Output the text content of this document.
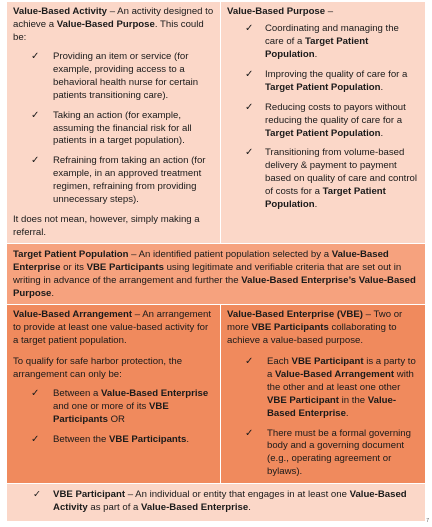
Value-Based Activity – An activity designed to achieve a Value-Based Purpose. This could be:

✓ Providing an item or service (for example, providing access to a behavioral health nurse for certain patients transitioning care).
✓ Taking an action (for example, assuming the financial risk for all patients in a target population).
✓ Refraining from taking an action (for example, in an approved treatment regimen, refraining from providing unnecessary steps).

It does not mean, however, simply making a referral.

Value-Based Purpose –

✓ Coordinating and managing the care of a Target Patient Population.
✓ Improving the quality of care for a Target Patient Population.
✓ Reducing costs to payors without reducing the quality of care for a Target Patient Population.
✓ Transitioning from volume-based delivery & payment to payment based on quality of care and control of costs for a Target Patient Population.

Target Patient Population – An identified patient population selected by a Value-Based Enterprise or its VBE Participants using legitimate and verifiable criteria that are set out in writing in advance of the arrangement and further the Value-Based Enterprise’s Value-Based Purpose.

Value-Based Arrangement – An arrangement to provide at least one value-based activity for a target patient population.

To qualify for safe harbor protection, the arrangement can only be:

✓ Between a Value-Based Enterprise and one or more of its VBE Participants OR
✓ Between the VBE Participants.

Value-Based Enterprise (VBE) – Two or more VBE Participants collaborating to achieve a value-based purpose.

✓ Each VBE Participant is a party to a Value-Based Arrangement with the other and at least one other VBE Participant in the Value-Based Enterprise.
✓ There must be a formal governing body and a governing document (e.g., operating agreement or bylaws).
✓ VBE Participant – An individual or entity that engages in at least one Value-Based Activity as part of a Value-Based Enterprise.

7
